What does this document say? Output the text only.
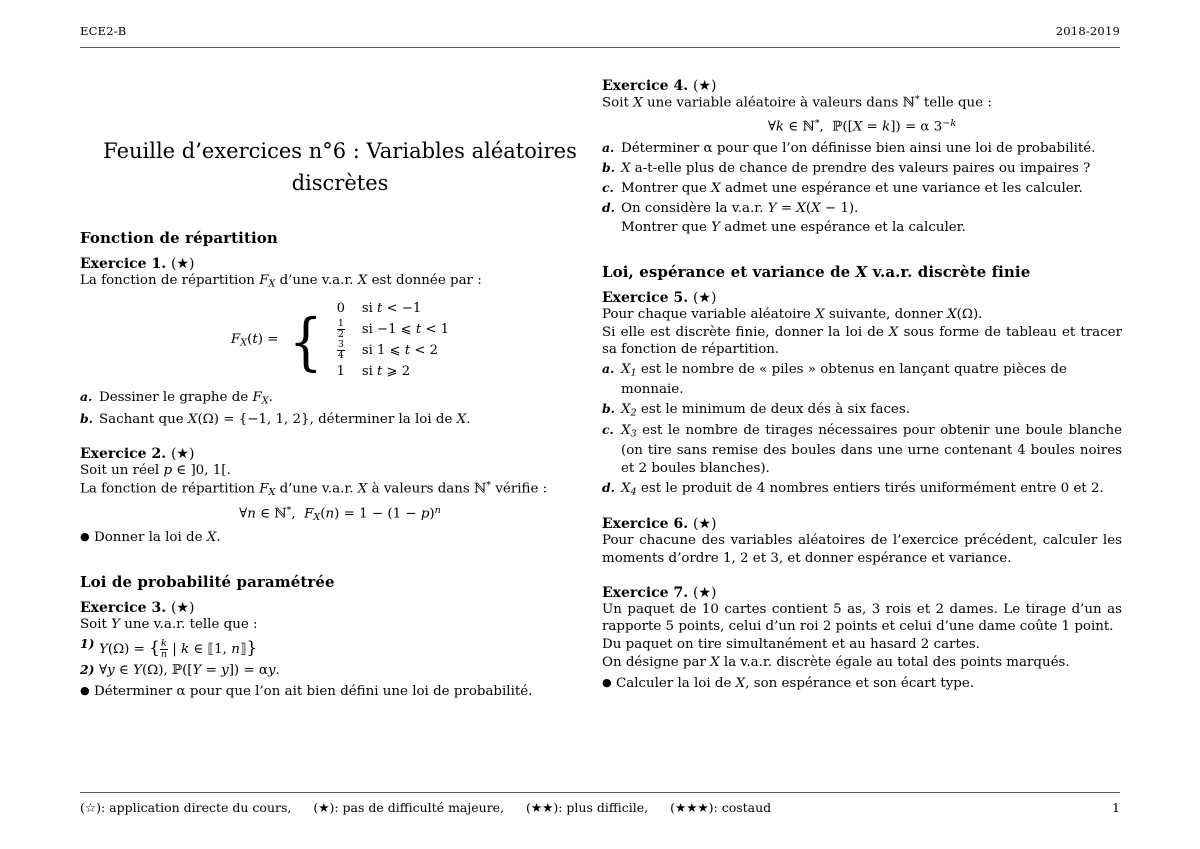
ECE2-B	2018-2019
Feuille d’exercices n°6 : Variables aléatoires
discrètes
Fonction de répartition
Exercice 1. (★)

La fonction de répartition $F_X$ d’une v.a.r. X est donnée par :

$F_X(t)$ = {	0	si t < −1
$\frac{1}{2}$	si −1 ⩽ t < 1
$\frac{3}{4}$	si 1 ⩽ t < 2
1	si t ⩾ 2
a. Dessiner le graphe de $F_X$.
b. Sachant que X(Ω) = {−1, 1, 2}, déterminer la loi de X.
Exercice 2. (★)

Soit un réel p ∈ ]0, 1[.

La fonction de répartition $F_X$ d’une v.a.r. X à valeurs dans ℕ* vérifie :

∀n ∈ ℕ*,  $F_X(n) = 1 - (1 - p)^n$
● Donner la loi de X.
Loi de probabilité paramétrée
Exercice 3. (★)

Soit Y une v.a.r. telle que :

1) Y(Ω) = { $\frac{k}{n}$ | k ∈ ⟦1, n⟧}
2) ∀y ∈ Y(Ω), ℙ([Y = y]) = αy.
● Déterminer α pour que l’on ait bien défini une loi de probabilité.
Exercice 4. (★)

Soit X une variable aléatoire à valeurs dans ℕ* telle que :

∀k ∈ ℕ*,  ℙ([X = k]) = α $3^{-k}$
a. Déterminer α pour que l’on définisse bien ainsi une loi de probabilité.
b. X a-t-elle plus de chance de prendre des valeurs paires ou impaires ?
c. Montrer que X admet une espérance et une variance et les calculer.
d. On considère la v.a.r. Y = X(X − 1).
Montrer que Y admet une espérance et la calculer.
Loi, espérance et variance de X v.a.r. discrète finie
Exercice 5. (★)

Pour chaque variable aléatoire X suivante, donner X(Ω).

Si elle est discrète finie, donner la loi de X sous forme de tableau et tracer sa fonction de répartition.

a. $X_1$ est le nombre de « piles » obtenus en lançant quatre pièces de monnaie.
b. $X_2$ est le minimum de deux dés à six faces.
c. $X_3$ est le nombre de tirages nécessaires pour obtenir une boule blanche (on tire sans remise des boules dans une urne contenant 4 boules noires et 2 boules blanches).
d. $X_4$ est le produit de 4 nombres entiers tirés uniformément entre 0 et 2.
Exercice 6. (★)

Pour chacune des variables aléatoires de l’exercice précédent, calculer les moments d’ordre 1, 2 et 3, et donner espérance et variance.

Exercice 7. (★)

Un paquet de 10 cartes contient 5 as, 3 rois et 2 dames. Le tirage d’un as rapporte 5 points, celui d’un roi 2 points et celui d’une dame coûte 1 point.

Du paquet on tire simultanément et au hasard 2 cartes.

On désigne par X la v.a.r. discrète égale au total des points marqués.

● Calculer la loi de X, son espérance et son écart type.
(☆): application directe du cours, (★): pas de difficulté majeure, (★★): plus difficile, (★★★): costaud	1
